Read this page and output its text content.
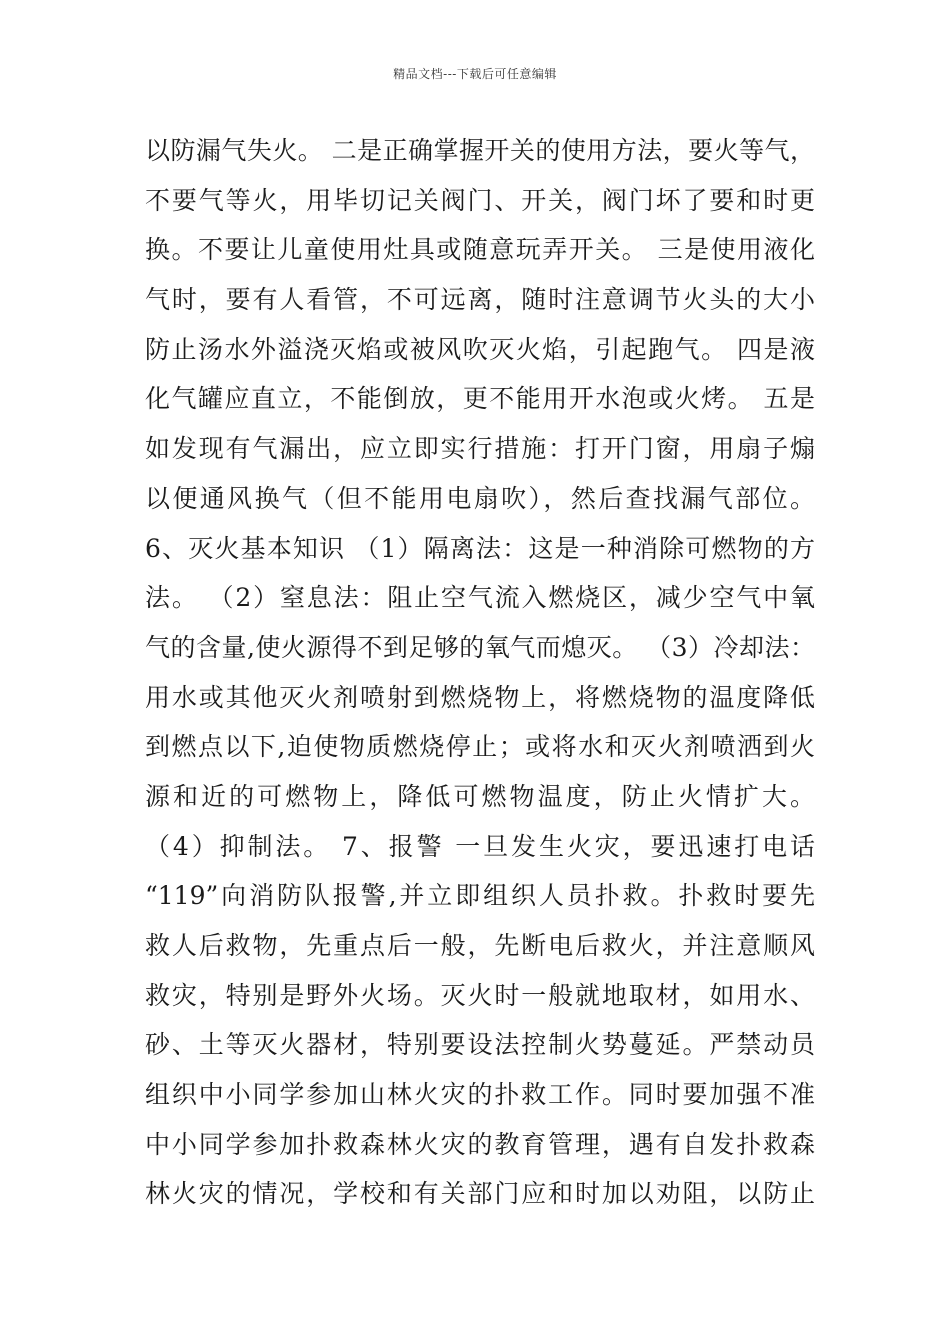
精品文档---下载后可任意编辑
以防漏气失火。 二是正确掌握开关的使用方法，要火等气，
不要气等火，用毕切记关阀门、开关，阀门坏了要和时更
换。不要让儿童使用灶具或随意玩弄开关。 三是使用液化
气时，要有人看管，不可远离，随时注意调节火头的大小
防止汤水外溢浇灭焰或被风吹灭火焰，引起跑气。 四是液
化气罐应直立，不能倒放，更不能用开水泡或火烤。 五是
如发现有气漏出，应立即实行措施：打开门窗，用扇子煽
以便通风换气（但不能用电扇吹），然后查找漏气部位。
6、灭火基本知识 （1）隔离法：这是一种消除可燃物的方
法。 （2）窒息法：阻止空气流入燃烧区，减少空气中氧
气的含量,使火源得不到足够的氧气而熄灭。 （3）冷却法：
用水或其他灭火剂喷射到燃烧物上，将燃烧物的温度降低
到燃点以下,迫使物质燃烧停止；或将水和灭火剂喷洒到火
源和近的可燃物上，降低可燃物温度，防止火情扩大。
（4）抑制法。 7、报警 一旦发生火灾，要迅速打电话
“119”向消防队报警,并立即组织人员扑救。扑救时要先
救人后救物，先重点后一般，先断电后救火，并注意顺风
救灾，特别是野外火场。灭火时一般就地取材，如用水、
砂、土等灭火器材，特别要设法控制火势蔓延。严禁动员
组织中小同学参加山林火灾的扑救工作。同时要加强不准
中小同学参加扑救森林火灾的教育管理，遇有自发扑救森
林火灾的情况，学校和有关部门应和时加以劝阻，以防止
